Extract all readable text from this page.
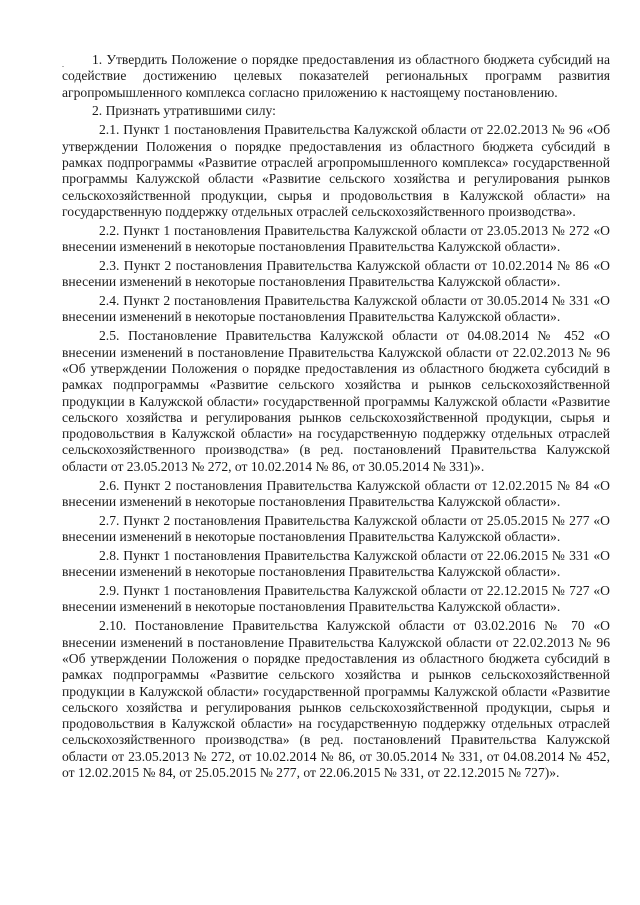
1. Утвердить Положение о порядке предоставления из областного бюджета субсидий на содействие достижению целевых показателей региональных программ развития агропромышленного комплекса согласно приложению к настоящему постановлению.

2. Признать утратившими силу:

2.1. Пункт 1 постановления Правительства Калужской области от 22.02.2013 № 96 «Об утверждении Положения о порядке предоставления из областного бюджета субсидий в рамках подпрограммы «Развитие отраслей агропромышленного комплекса» государственной программы Калужской области «Развитие сельского хозяйства и регулирования рынков сельскохозяйственной продукции, сырья и продовольствия в Калужской области» на государственную поддержку отдельных отраслей сельскохозяйственного производства».

2.2. Пункт 1 постановления Правительства Калужской области от 23.05.2013 № 272 «О внесении изменений в некоторые постановления Правительства Калужской области».

2.3. Пункт 2 постановления Правительства Калужской области от 10.02.2014 № 86 «О внесении изменений в некоторые постановления Правительства Калужской области».

2.4. Пункт 2 постановления Правительства Калужской области от 30.05.2014 № 331 «О внесении изменений в некоторые постановления Правительства Калужской области».

2.5. Постановление Правительства Калужской области от 04.08.2014 № 452 «О внесении изменений в постановление Правительства Калужской области от 22.02.2013 № 96 «Об утверждении Положения о порядке предоставления из областного бюджета субсидий в рамках подпрограммы «Развитие сельского хозяйства и рынков сельскохозяйственной продукции в Калужской области» государственной программы Калужской области «Развитие сельского хозяйства и регулирования рынков сельскохозяйственной продукции, сырья и продовольствия в Калужской области» на государственную поддержку отдельных отраслей сельскохозяйственного производства» (в ред. постановлений Правительства Калужской области от 23.05.2013 № 272, от 10.02.2014 № 86, от 30.05.2014 № 331)».

2.6. Пункт 2 постановления Правительства Калужской области от 12.02.2015 № 84 «О внесении изменений в некоторые постановления Правительства Калужской области».

2.7. Пункт 2 постановления Правительства Калужской области от 25.05.2015 № 277 «О внесении изменений в некоторые постановления Правительства Калужской области».

2.8. Пункт 1 постановления Правительства Калужской области от 22.06.2015 № 331 «О внесении изменений в некоторые постановления Правительства Калужской области».

2.9. Пункт 1 постановления Правительства Калужской области от 22.12.2015 № 727 «О внесении изменений в некоторые постановления Правительства Калужской области».

2.10. Постановление Правительства Калужской области от 03.02.2016 № 70 «О внесении изменений в постановление Правительства Калужской области от 22.02.2013 № 96 «Об утверждении Положения о порядке предоставления из областного бюджета субсидий в рамках подпрограммы «Развитие сельского хозяйства и рынков сельскохозяйственной продукции в Калужской области» государственной программы Калужской области «Развитие сельского хозяйства и регулирования рынков сельскохозяйственной продукции, сырья и продовольствия в Калужской области» на государственную поддержку отдельных отраслей сельскохозяйственного производства» (в ред. постановлений Правительства Калужской области от 23.05.2013 № 272, от 10.02.2014 № 86, от 30.05.2014 № 331, от 04.08.2014 № 452, от 12.02.2015 № 84, от 25.05.2015 № 277, от 22.06.2015 № 331, от 22.12.2015 № 727)».
